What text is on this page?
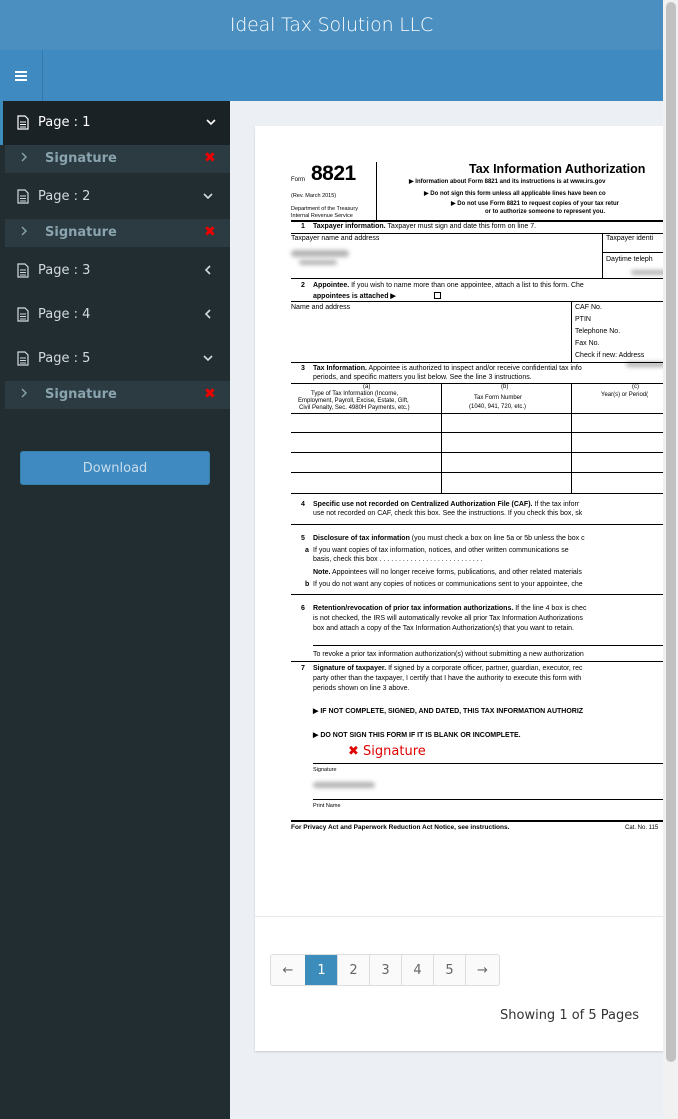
Ideal Tax Solution LLC
Page : 1
Signature	✖
Page : 2
Signature	✖
Page : 3
Page : 4
Page : 5
Signature	✖
Download
Form 8821
(Rev. March 2015)
Department of the Treasury
Internal Revenue Service
Tax Information Authorization
▶ Information about Form 8821 and its instructions is at www.irs.gov
▶ Do not sign this form unless all applicable lines have been co
▶ Do not use Form 8821 to request copies of your tax retur
or to authorize someone to represent you.
1 Taxpayer information. Taxpayer must sign and date this form on line 7.
Taxpayer name and address	Taxpayer identi
Daytime teleph
2 Appointee. If you wish to name more than one appointee, attach a list to this form. Che
appointees is attached ▶
Name and address	CAF No.
PTIN
Telephone No.
Fax No.
Check if new: Address
3 Tax Information. Appointee is authorized to inspect and/or receive confidential tax info
periods, and specific matters you list below. See the line 3 instructions.
(a)
Type of Tax Information (Income,
Employment, Payroll, Excise, Estate, Gift,
Civil Penalty, Sec. 4980H Payments, etc.)
(b)
Tax Form Number
(1040, 941, 720, etc.)
(c)
Year(s) or Period(
4 Specific use not recorded on Centralized Authorization File (CAF). If the tax inforr
use not recorded on CAF, check this box. See the instructions. If you check this box, sk
5 Disclosure of tax information (you must check a box on line 5a or 5b unless the box c
a If you want copies of tax information, notices, and other written communications se
basis, check this box . . . . . . . . . . . . . . . . . . . . . . . . . . .
Note. Appointees will no longer receive forms, publications, and other related materials
b If you do not want any copies of notices or communications sent to your appointee, che
6 Retention/revocation of prior tax information authorizations. If the line 4 box is chec
is not checked, the IRS will automatically revoke all prior Tax Information Authorizations
box and attach a copy of the Tax Information Authorization(s) that you want to retain.
To revoke a prior tax information authorization(s) without submitting a new authorization
7 Signature of taxpayer. If signed by a corporate officer, partner, guardian, executor, rec
party other than the taxpayer, I certify that I have the authority to execute this form with
periods shown on line 3 above.
▶ IF NOT COMPLETE, SIGNED, AND DATED, THIS TAX INFORMATION AUTHORIZ
▶ DO NOT SIGN THIS FORM IF IT IS BLANK OR INCOMPLETE.
Signature
Print Name
For Privacy Act and Paperwork Reduction Act Notice, see instructions.	Cat. No. 115
✖ Signature
←	1	2	3	4	5	→
Showing 1 of 5 Pages
